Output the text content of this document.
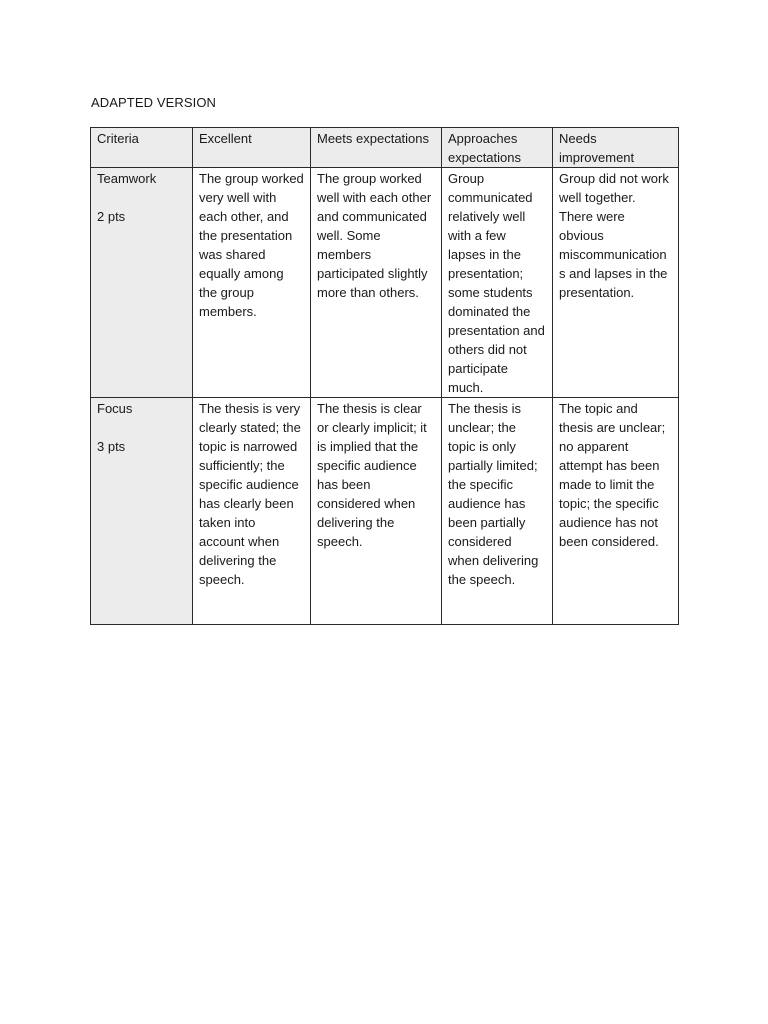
ADAPTED VERSION
Criteria	Excellent	Meets expectations	Approaches expectations	Needs improvement

Teamwork
2 pts	The group worked very well with each other, and the presentation was shared equally among the group members.	The group worked well with each other and communicated well. Some members participated slightly more than others.	Group communicated relatively well with a few lapses in the presentation; some students dominated the presentation and others did not participate much.	Group did not work well together. There were obvious miscommunications and lapses in the presentation.

Focus
3 pts	The thesis is very clearly stated; the topic is narrowed sufficiently; the specific audience has clearly been taken into account when delivering the speech.	The thesis is clear or clearly implicit; it is implied that the specific audience has been considered when delivering the speech.	The thesis is unclear; the topic is only partially limited; the specific audience has been partially considered when delivering the speech.	The topic and thesis are unclear; no apparent attempt has been made to limit the topic; the specific audience has not been considered.
